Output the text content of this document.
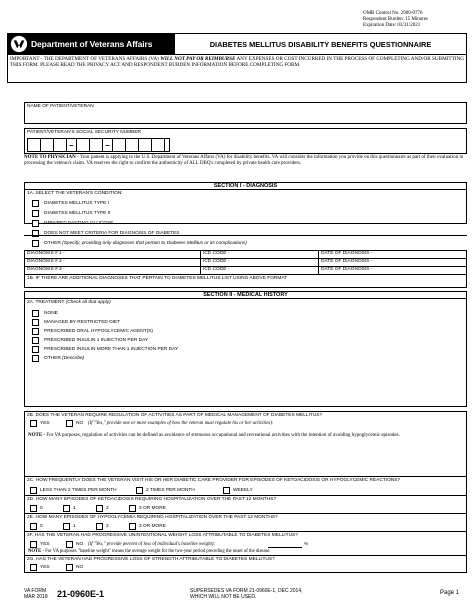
OMB Control No. 2900-0776
Respondent Burden: 15 Minutes
Expiration Date: 03/31/2021
Department of Veterans Affairs	DIABETES MELLITUS DISABILITY BENEFITS QUESTIONNAIRE
IMPORTANT - THE DEPARTMENT OF VETERANS AFFAIRS (VA) WILL NOT PAY OR REIMBURSE ANY EXPENSES OR COST INCURRED IN THE PROCESS OF COMPLETING AND/OR SUBMITTING THIS FORM. PLEASE READ THE PRIVACY ACT AND RESPONDENT BURDEN INFORMATION BEFORE COMPLETING FORM.
NAME OF PATIENT/VETERAN
PATIENT/VETERAN'S SOCIAL SECURITY NUMBER
–	–
NOTE TO PHYSICIAN - Your patient is applying to the U.S. Department of Veterans Affairs (VA) for disability benefits. VA will consider the information you provide on this questionnaire as part of their evaluation in processing the veteran's claim. VA reserves the right to confirm the authenticity of ALL DBQ's completed by private health care providers.
SECTION I - DIAGNOSIS
1A. SELECT THE VETERAN'S CONDITION:
DIABETES MELLITUS TYPE I
DIABETES MELLITUS TYPE II
IMPAIRED FASTING GLUCOSE
DOES NOT MEET CRITERIA FOR DIAGNOSIS OF DIABETES
OTHER (Specify, providing only diagnoses that pertain to Diabetes Mellitus or its complications)
DIAGNOSIS # 1 -	ICD CODE -	DATE OF DIAGNOSIS -
DIAGNOSIS # 2 -	ICD CODE -	DATE OF DIAGNOSIS -
DIAGNOSIS # 3 -	ICD CODE -	DATE OF DIAGNOSIS -
1B. IF THERE ARE ADDITIONAL DIAGNOSES THAT PERTAIN TO DIABETES MELLITUS LIST USING ABOVE FORMAT
SECTION II - MEDICAL HISTORY
2A. TREATMENT (Check all that apply)
NONE
MANAGED BY RESTRICTED DIET
PRESCRIBED ORAL HYPOGLYCEMIC AGENT(S)
PRESCRIBED INSULIN 1 INJECTION PER DAY
PRESCRIBED INSULIN MORE THAN 1 INJECTION PER DAY
OTHER (Describe)
2B. DOES THE VETERAN REQUIRE REGULATION OF ACTIVITIES AS PART OF MEDICAL MANAGEMENT OF DIABETES MELLITUS?
YES	NO (If "Yes," provide one or more examples of how the veteran must regulate his or her activities):
NOTE - For VA purposes, regulation of activities can be defined as avoidance of strenuous occupational and recreational activities with the intention of avoiding hypoglycemic episodes.
2C. HOW FREQUENTLY DOES THE VETERAN VISIT HIS OR HER DIABETIC CARE PROVIDER FOR EPISODES OF KETOACIDOSIS OR HYPOGLYCEMIC REACTIONS?
LESS THAN 2 TIMES PER MONTH	2 TIMES PER MONTH	WEEKLY
2D. HOW MANY EPISODES OF KETOACIDOSIS REQUIRING HOSPITALIZATION OVER THE PAST 12 MONTHS?
0	1	2	3 OR MORE
2E. HOW MANY EPISODES OF HYPOGLYCEMIA REQUIRING HOSPITALIZATION OVER THE PAST 12 MONTHS?
0	1	2	3 OR MORE
2F. HAS THE VETERAN HAD PROGRESSIVE UNINTENTIONAL WEIGHT LOSS ATTRIBUTABLE TO DIABETES MELLITUS?
YES	NO (If "Yes," provide percent of loss of individual's baseline weight):	%
NOTE - For VA purposes "baseline weight" means the average weight for the two-year period preceding the onset of the disease.
2G. HAS THE VETERAN HAD PROGRESSIVE LOSS OF STRENGTH ATTRIBUTABLE TO DIABETES MELLITUS?
YES	NO
VA FORM
MAR 2018 21-0960E-1	SUPERSEDES VA FORM 21-0960E-1, DEC 2014,
WHICH WILL NOT BE USED.
Page 1
